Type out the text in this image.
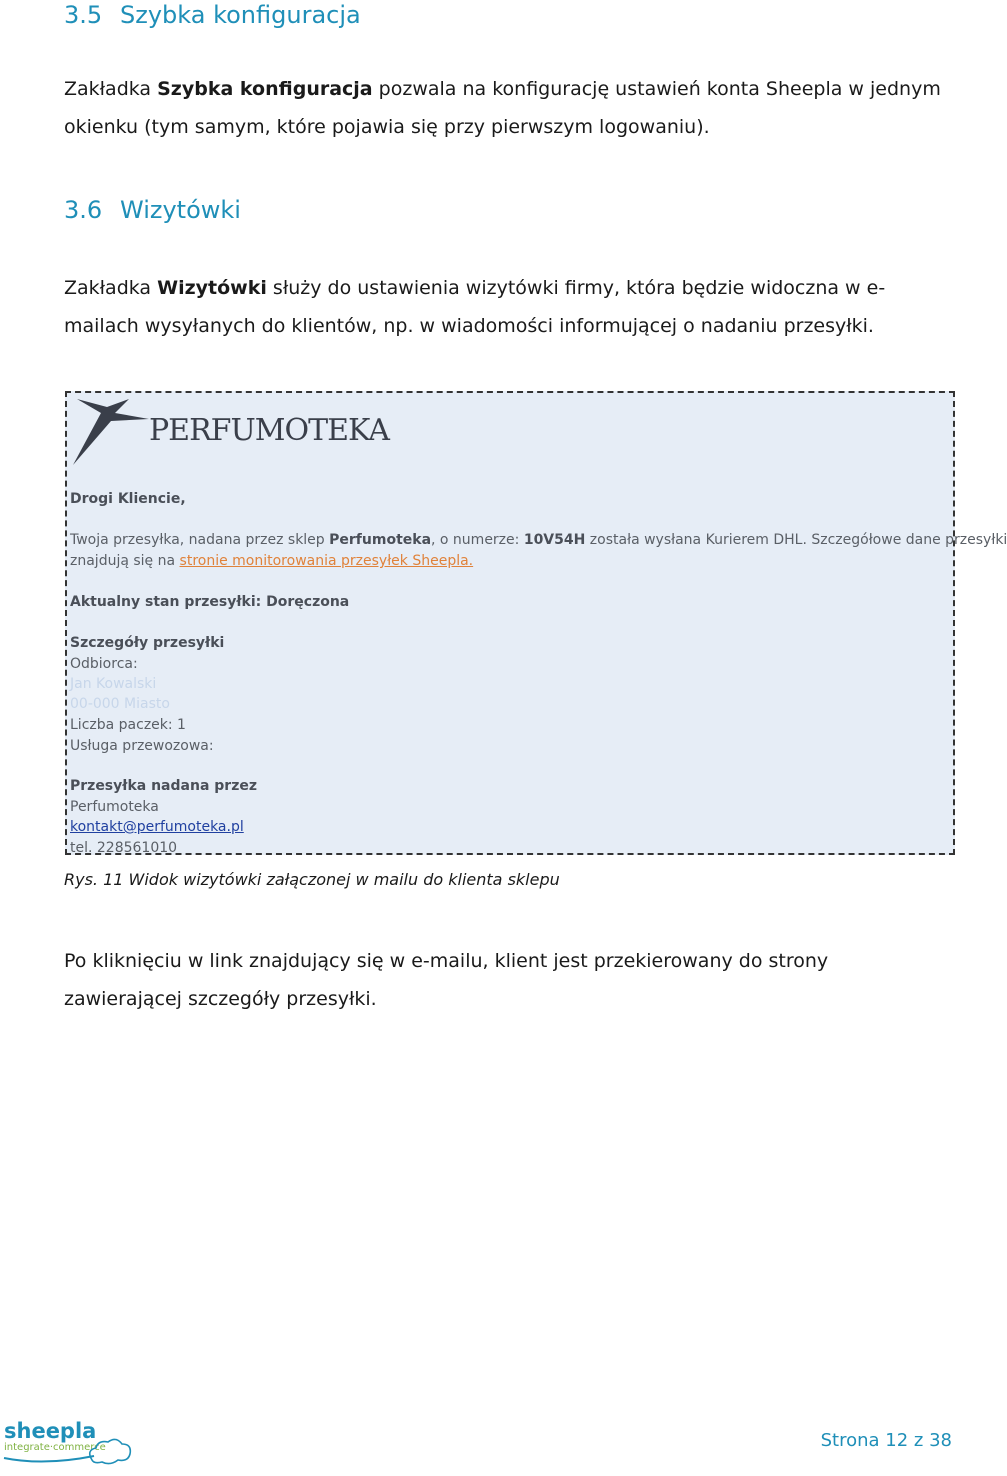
3.5 Szybka konfiguracja

Zakładka Szybka konfiguracja pozwala na konfigurację ustawień konta Sheepla w jednym
okienku (tym samym, które pojawia się przy pierwszym logowaniu).

3.6 Wizytówki

Zakładka Wizytówki służy do ustawienia wizytówki firmy, która będzie widoczna w e-
mailach wysyłanych do klientów, np. w wiadomości informującej o nadaniu przesyłki.

PERFUMOTEKA
Drogi Kliencie,
Twoja przesyłka, nadana przez sklep Perfumoteka, o numerze: 10V54H została wysłana Kurierem DHL. Szczegółowe dane przesyłki
znajdują się na stronie monitorowania przesyłek Sheepla.
Aktualny stan przesyłki: Doręczona
Szczegóły przesyłki
Odbiorca:
Jan Kowalski
00-000 Miasto
Liczba paczek: 1
Usługa przewozowa:
Przesyłka nadana przez
Perfumoteka
kontakt@perfumoteka.pl
tel. 228561010
Rys. 11 Widok wizytówki załączonej w mailu do klienta sklepu

Po kliknięciu w link znajdujący się w e-mailu, klient jest przekierowany do strony
zawierającej szczegóły przesyłki.

sheepla
integrate·commerce	Strona 12 z 38
